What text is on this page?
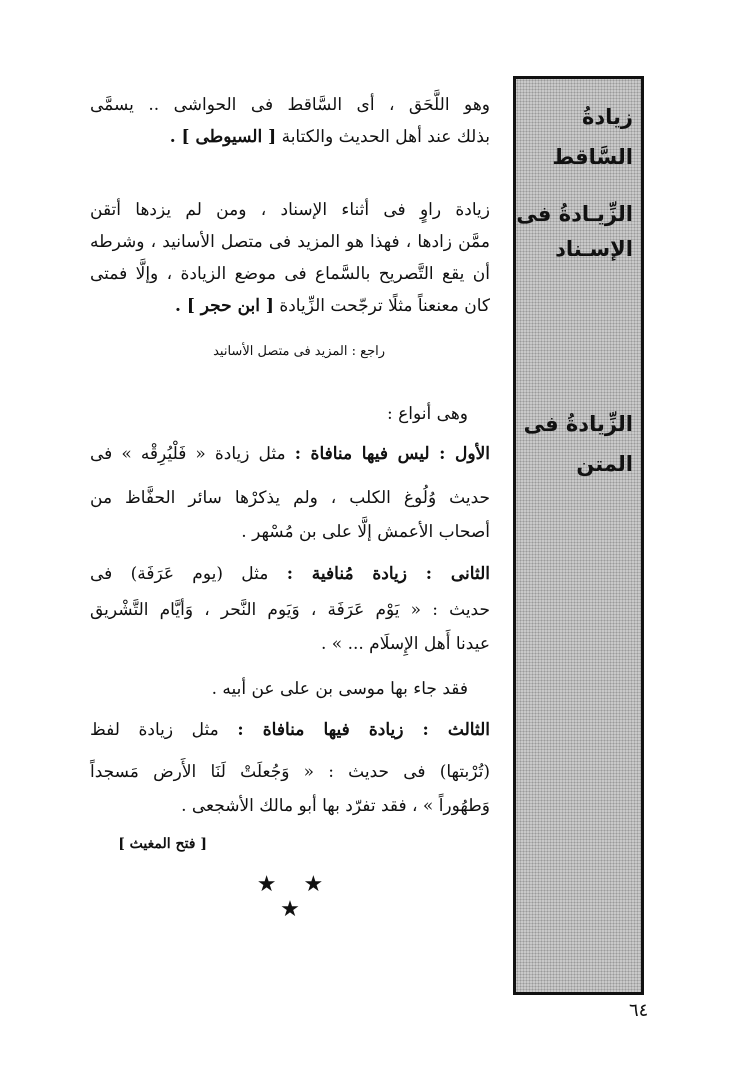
زيادةُ السَّاقط
الزِّيـادةُ فى
الإسـناد
الزِّيادةُ فى المتن
وهو اللَّحَق ، أى السَّاقط فى الحواشى .. يسمَّى
بذلك عند أهل الحديث والكتابة [ السيوطى ] .
زيادة راوٍ فى أثناء الإسناد ، ومن لم يزدها أتقن
ممَّن زادها ، فهذا هو المزيد فى متصل الأسانيد ، وشرطه
أن يقع التَّصريح بالسَّماع فى موضع الزيادة ، وإلَّا فمتى
كان معنعناً مثلًا ترجّحت الزِّيادة [ ابن حجر ] .
راجع : المزيد فى متصل الأسانيد
وهى أنواع :
الأول : ليس فيها منافاة : مثل زيادة « فَلْيُرِقْه » فى
حديث وُلُوغ الكلب ، ولم يذكرْها سائر الحفَّاظ من
أصحاب الأعمش إلَّا على بن مُسْهر .
الثانى : زيادة مُنافية : مثل (يوم عَرَفَة) فى
حديث : « يَوْم عَرَفَة ، وَيَوم النَّحر ، وَأيَّام التَّشْريق
عيدنا أَهل الإِسلَام ... » .
فقد جاء بها موسى بن على عن أبيه .
الثالث : زيادة فيها منافاة : مثل زيادة لفظ
(تُرْبتها) فى حديث : « وَجُعلَتْ لَنَا الأَرض مَسجداً
وَطهُوراً » ، فقد تفرّد بها أبو مالك الأشجعى .
[ فتح المغيث ]
★ ★ ★
٦٤
